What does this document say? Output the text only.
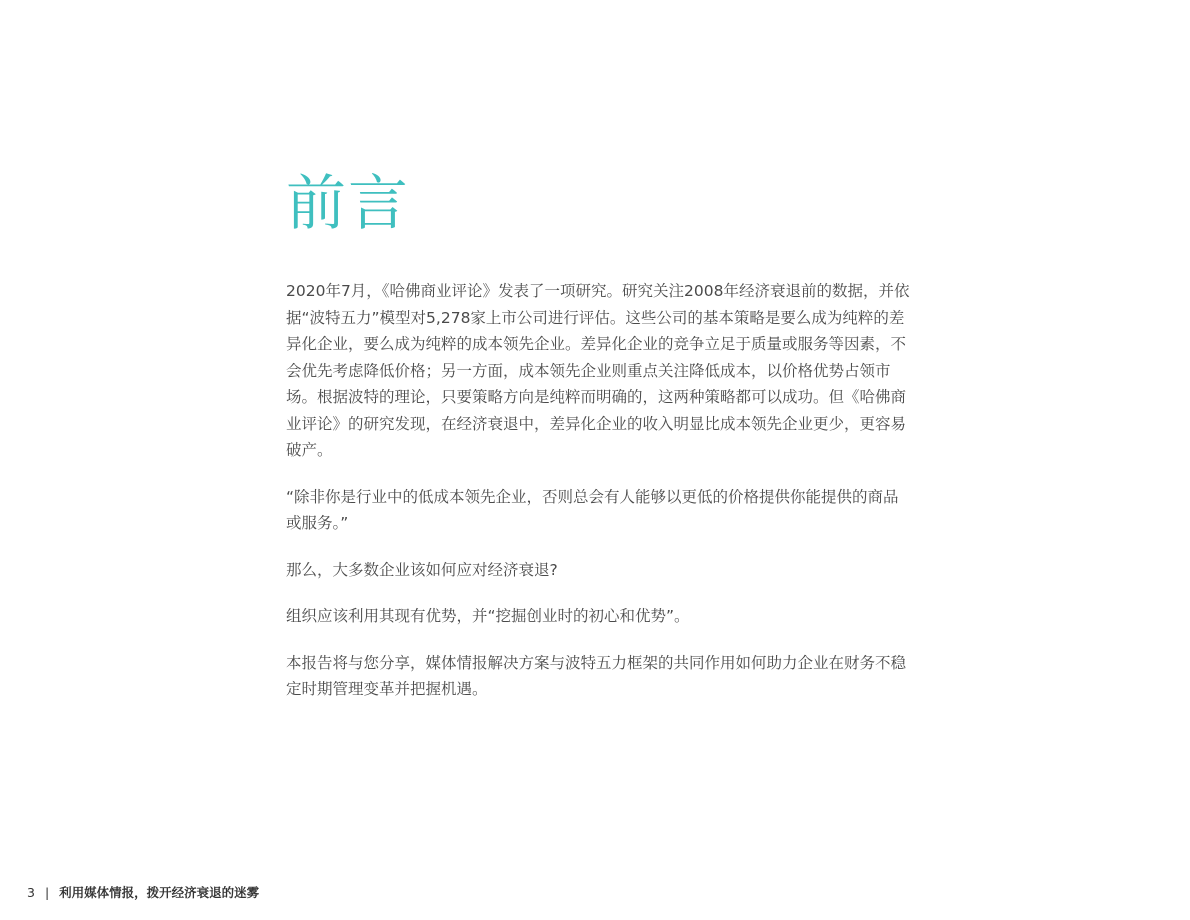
前言

2020年7月，《哈佛商业评论》发表了一项研究。研究关注2008年经济衰退前的数据，并依据“波特五力”模型对5,278家上市公司进行评估。这些公司的基本策略是要么成为纯粹的差异化企业，要么成为纯粹的成本领先企业。差异化企业的竞争立足于质量或服务等因素，不会优先考虑降低价格；另一方面，成本领先企业则重点关注降低成本，以价格优势占领市场。根据波特的理论，只要策略方向是纯粹而明确的，这两种策略都可以成功。但《哈佛商业评论》的研究发现，在经济衰退中，差异化企业的收入明显比成本领先企业更少，更容易破产。

“除非你是行业中的低成本领先企业，否则总会有人能够以更低的价格提供你能提供的商品或服务。”

那么，大多数企业该如何应对经济衰退?

组织应该利用其现有优势，并“挖掘创业时的初心和优势”。

本报告将与您分享，媒体情报解决方案与波特五力框架的共同作用如何助力企业在财务不稳定时期管理变革并把握机遇。

3 | 利用媒体情报，拨开经济衰退的迷雾
